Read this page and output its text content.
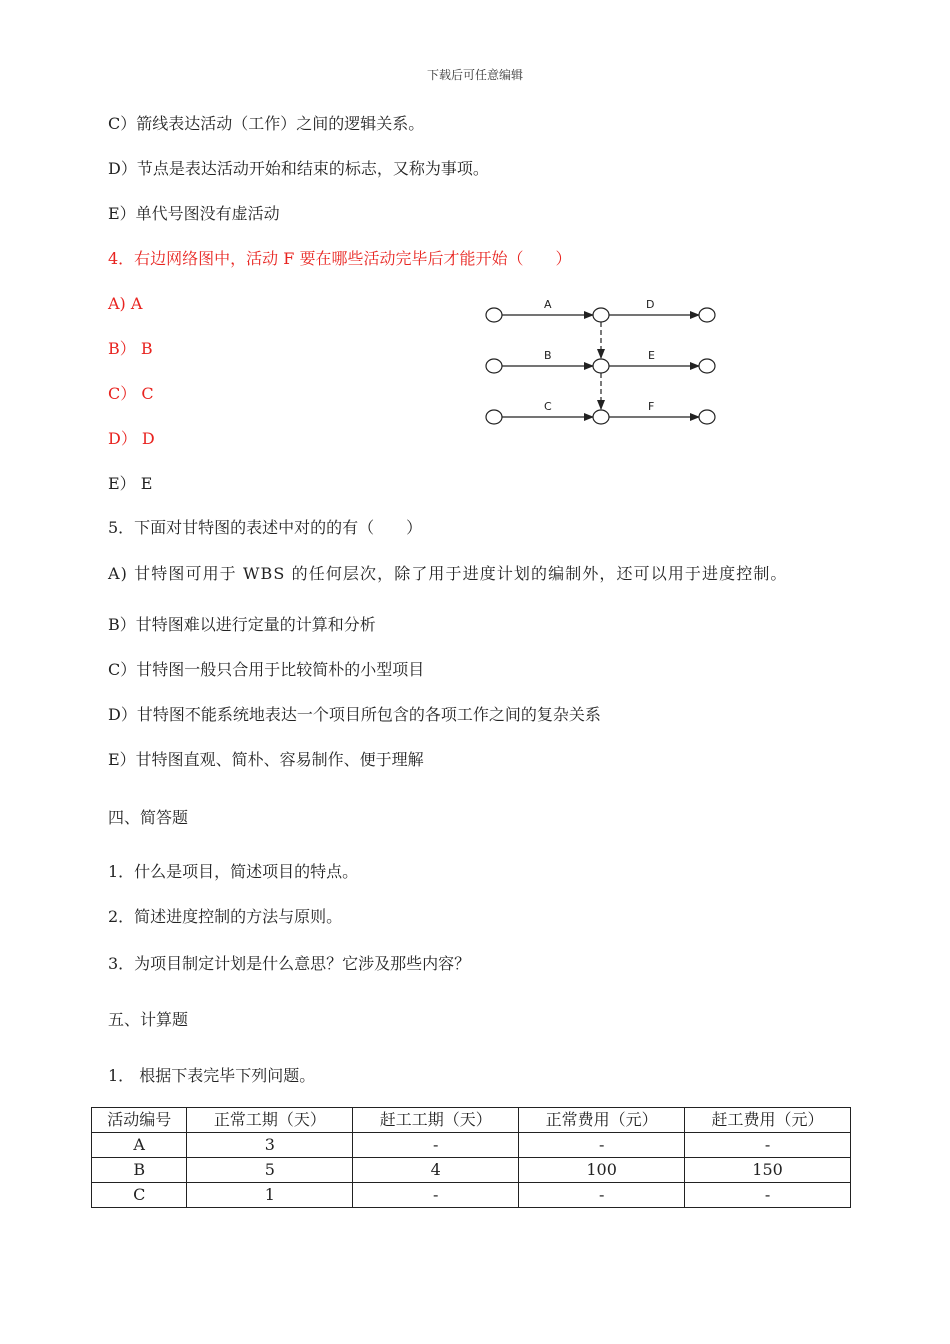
下载后可任意编辑
C）箭线表达活动（工作）之间的逻辑关系。
D）节点是表达活动开始和结束的标志，又称为事项。
E）单代号图没有虚活动
4．右边网络图中，活动 F 要在哪些活动完毕后才能开始（　　）
A) A
B） B
C） C
D） D
E） E
A	D
B	E
C	F
5．下面对甘特图的表述中对的的有（　　）
A) 甘特图可用于 WBS 的任何层次，除了用于进度计划的编制外，还可以用于进度控制。
B）甘特图难以进行定量的计算和分析
C）甘特图一般只合用于比较简朴的小型项目
D）甘特图不能系统地表达一个项目所包含的各项工作之间的复杂关系
E）甘特图直观、简朴、容易制作、便于理解
四、简答题
1．什么是项目，简述项目的特点。
2．简述进度控制的方法与原则。
3．为项目制定计划是什么意思？它涉及那些内容？
五、计算题
1． 根据下表完毕下列问题。
活动编号	正常工期（天）	赶工工期（天）	正常费用（元）	赶工费用（元）
A	3	-	-	-
B	5	4	100	150
C	1	-	-	-
